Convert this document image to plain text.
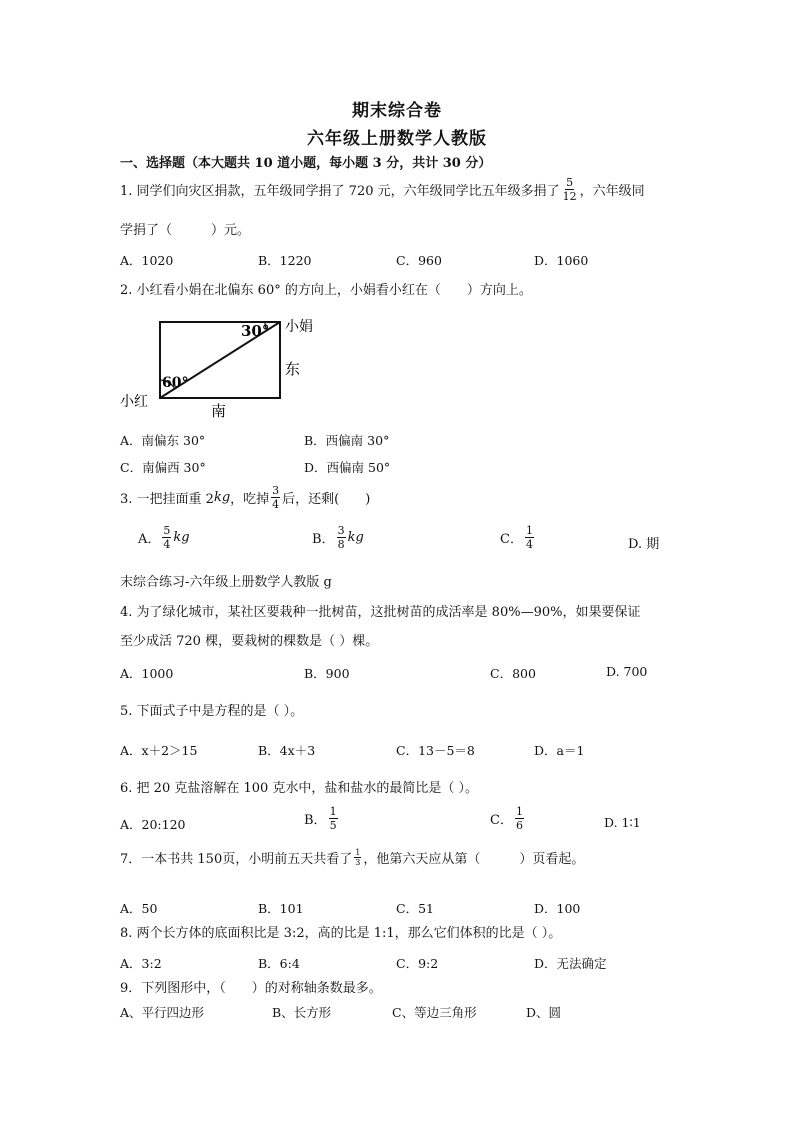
期末综合卷
六年级上册数学人教版
一、选择题（本大题共 10 道小题，每小题 3 分，共计 30 分）
1. 同学们向灾区捐款，五年级同学捐了 720 元，六年级同学比五年级多捐了 $\frac{5}{12}$ ，六年级同
学捐了（　　　）元。
A．1020	B．1220	C．960	D．1060
2. 小红看小娟在北偏东 60° 的方向上，小娟看小红在（　　）方向上。
30°
60°
小娟
小红
东
南
A．南偏东 30°	B．西偏南 30°
C．南偏西 30°	D．西偏南 50°
3. 一把挂面重 2 kg ，吃掉 $\frac{3}{4}$ 后，还剩(　　)
A． $\frac{5}{4}$ kg	B． $\frac{3}{8}$ kg	C． $\frac{1}{4}$	D. 期
末综合练习-六年级上册数学人教版 g
4. 为了绿化城市，某社区要栽种一批树苗，这批树苗的成活率是 80%—90%，如果要保证
至少成活 720 棵，要栽树的棵数是（ ）棵。
A．1000	B．900	C．800	D. 700
5. 下面式子中是方程的是（ ）。
A．x＋2＞15	B．4x＋3	C．13－5＝8	D．a＝1
6. 把 20 克盐溶解在 100 克水中，盐和盐水的最简比是（ ）。
A．20:120	B． $\frac{1}{5}$	C． $\frac{1}{6}$	D. 1∶1
7．一本书共 150页，小明前五天共看了 $\frac{1}{3}$ ，他第六天应从第（　　　）页看起。
A．50	B．101	C．51	D．100
8. 两个长方体的底面积比是 3:2，高的比是 1:1，那么它们体积的比是（ ）。
A．3:2	B．6:4	C．9:2	D．无法确定
9．下列图形中，（　　）的对称轴条数最多。
A、平行四边形	B、长方形	C、等边三角形	D、圆
